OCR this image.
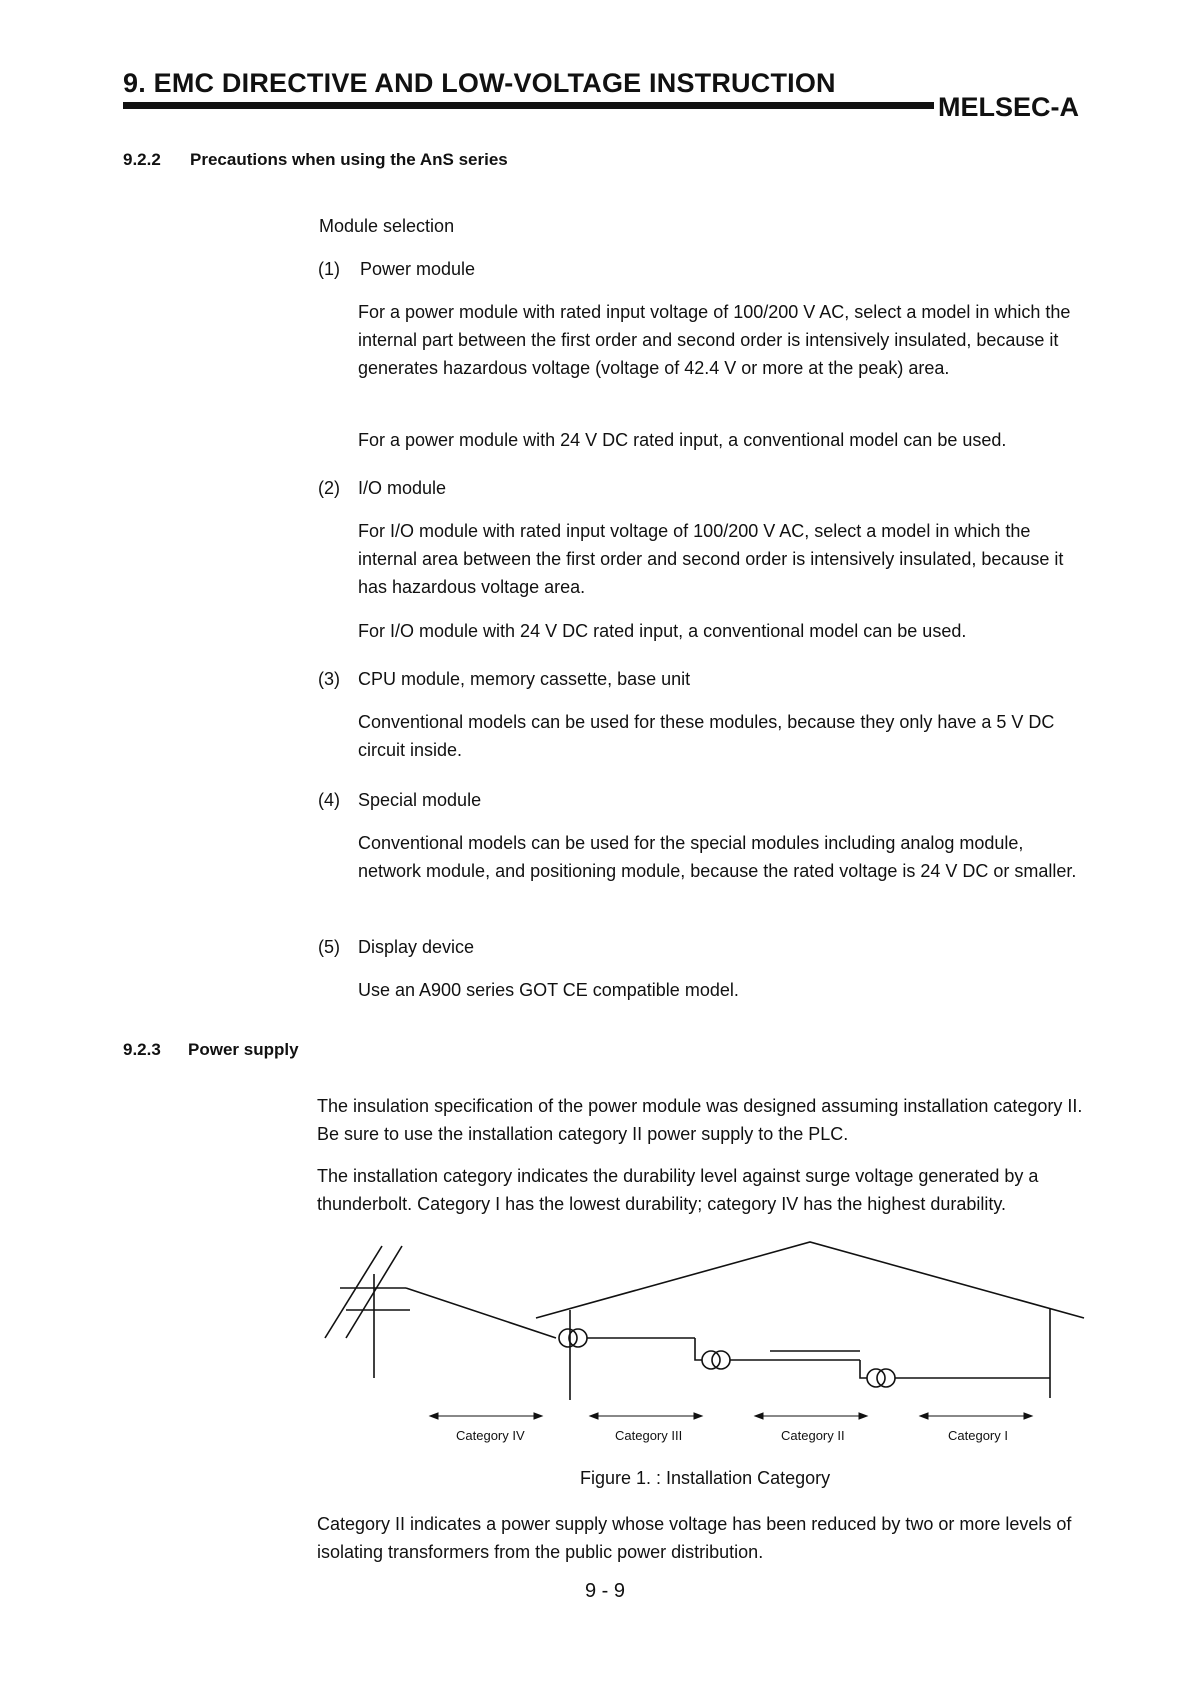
9. EMC DIRECTIVE AND LOW-VOLTAGE INSTRUCTION
MELSEC-A
9.2.2 Precautions when using the AnS series
Module selection
(1) Power module
For a power module with rated input voltage of 100/200 V AC, select a model in which the internal part between the first order and second order is intensively insulated, because it generates hazardous voltage (voltage of 42.4 V or more at the peak) area.
For a power module with 24 V DC rated input, a conventional model can be used.
(2) I/O module
For I/O module with rated input voltage of 100/200 V AC, select a model in which the internal area between the first order and second order is intensively insulated, because it has hazardous voltage area.
For I/O module with 24 V DC rated input, a conventional model can be used.
(3) CPU module, memory cassette, base unit
Conventional models can be used for these modules, because they only have a 5 V DC circuit inside.
(4) Special module
Conventional models can be used for the special modules including analog module, network module, and positioning module, because the rated voltage is 24 V DC or smaller.
(5) Display device
Use an A900 series GOT CE compatible model.
9.2.3 Power supply
The insulation specification of the power module was designed assuming installation category II. Be sure to use the installation category II power supply to the PLC.
The installation category indicates the durability level against surge voltage generated by a thunderbolt. Category I has the lowest durability; category IV has the highest durability.
Category IV	Category III	Category II	Category I
Figure 1. : Installation Category
Category II indicates a power supply whose voltage has been reduced by two or more levels of isolating transformers from the public power distribution.
9 - 9
